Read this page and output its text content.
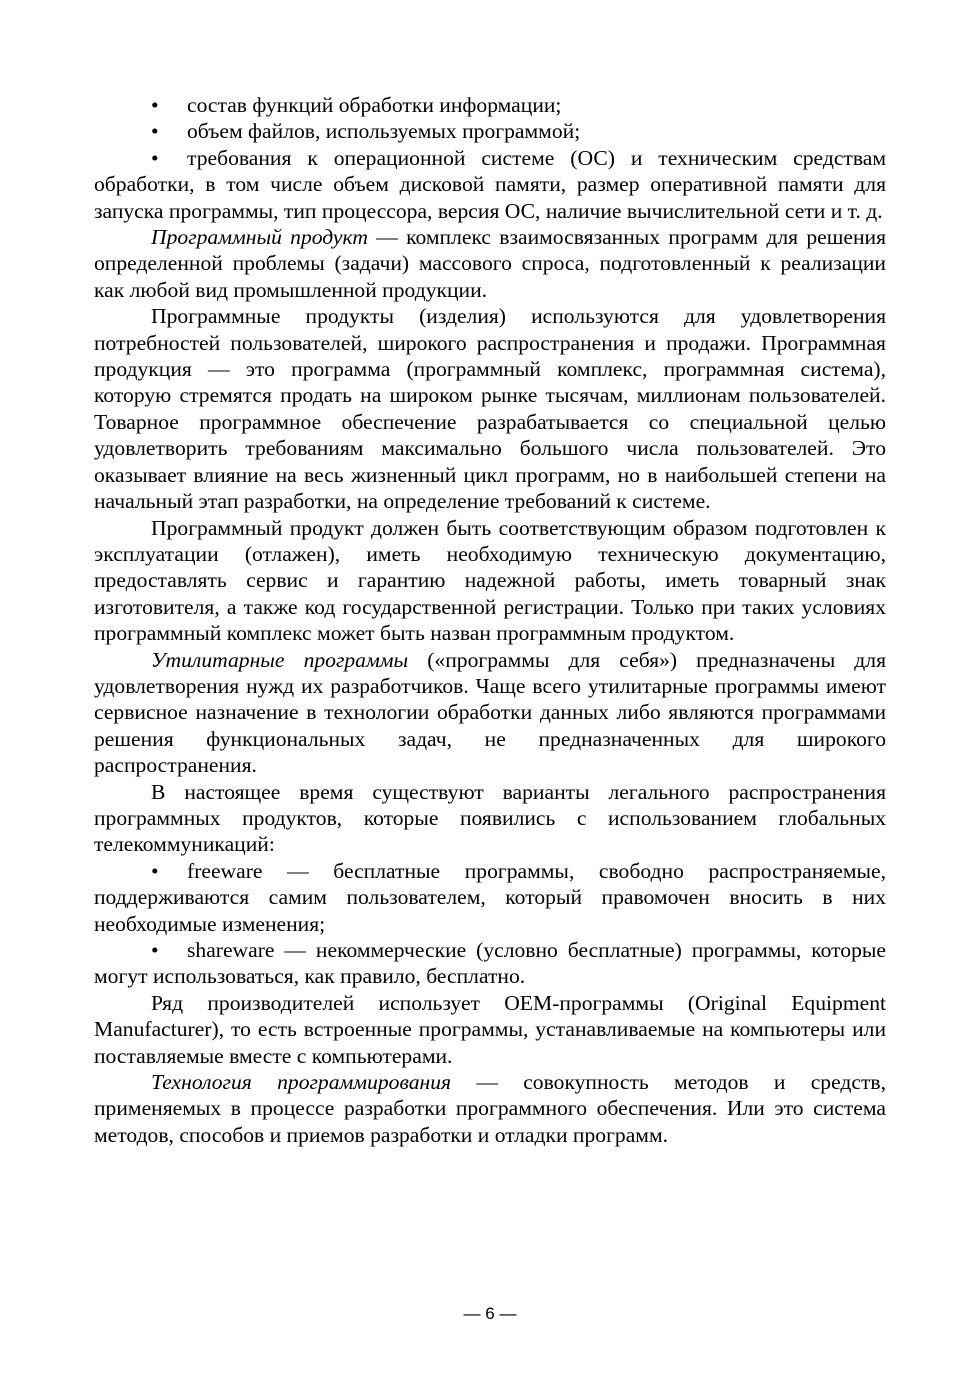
• состав функций обработки информации;

• объем файлов, используемых программой;

• требования к операционной системе (ОС) и техническим средствам обработки, в том числе объем дисковой памяти, размер оперативной памяти для запуска программы, тип процессора, версия ОС, наличие вычислительной сети и т. д.

Программный продукт — комплекс взаимосвязанных программ для решения определенной проблемы (задачи) массового спроса, подготовленный к реализации как любой вид промышленной продукции.

Программные продукты (изделия) используются для удовлетворения потребностей пользователей, широкого распространения и продажи. Программная продукция — это программа (программный комплекс, программная система), которую стремятся продать на широком рынке тысячам, миллионам пользователей. Товарное программное обеспечение разрабатывается со специальной целью удовлетворить требованиям максимально большого числа пользователей. Это оказывает влияние на весь жизненный цикл программ, но в наибольшей степени на начальный этап разработки, на определение требований к системе.

Программный продукт должен быть соответствующим образом подготовлен к эксплуатации (отлажен), иметь необходимую техническую документацию, предоставлять сервис и гарантию надежной работы, иметь товарный знак изготовителя, а также код государственной регистрации. Только при таких условиях программный комплекс может быть назван программным продуктом.

Утилитарные программы («программы для себя») предназначены для удовлетворения нужд их разработчиков. Чаще всего утилитарные программы имеют сервисное назначение в технологии обработки данных либо являются программами решения функциональных задач, не предназначенных для широкого распространения.

В настоящее время существуют варианты легального распространения программных продуктов, которые появились с использованием глобальных телекоммуникаций:

• freeware — бесплатные программы, свободно распространяемые, поддерживаются самим пользователем, который правомочен вносить в них необходимые изменения;

• shareware — некоммерческие (условно бесплатные) программы, которые могут использоваться, как правило, бесплатно.

Ряд производителей использует OEM-программы (Original Equipment Manufacturer), то есть встроенные программы, устанавливаемые на компьютеры или поставляемые вместе с компьютерами.

Технология программирования — совокупность методов и средств, применяемых в процессе разработки программного обеспечения. Или это система методов, способов и приемов разработки и отладки программ.

— 6 —
